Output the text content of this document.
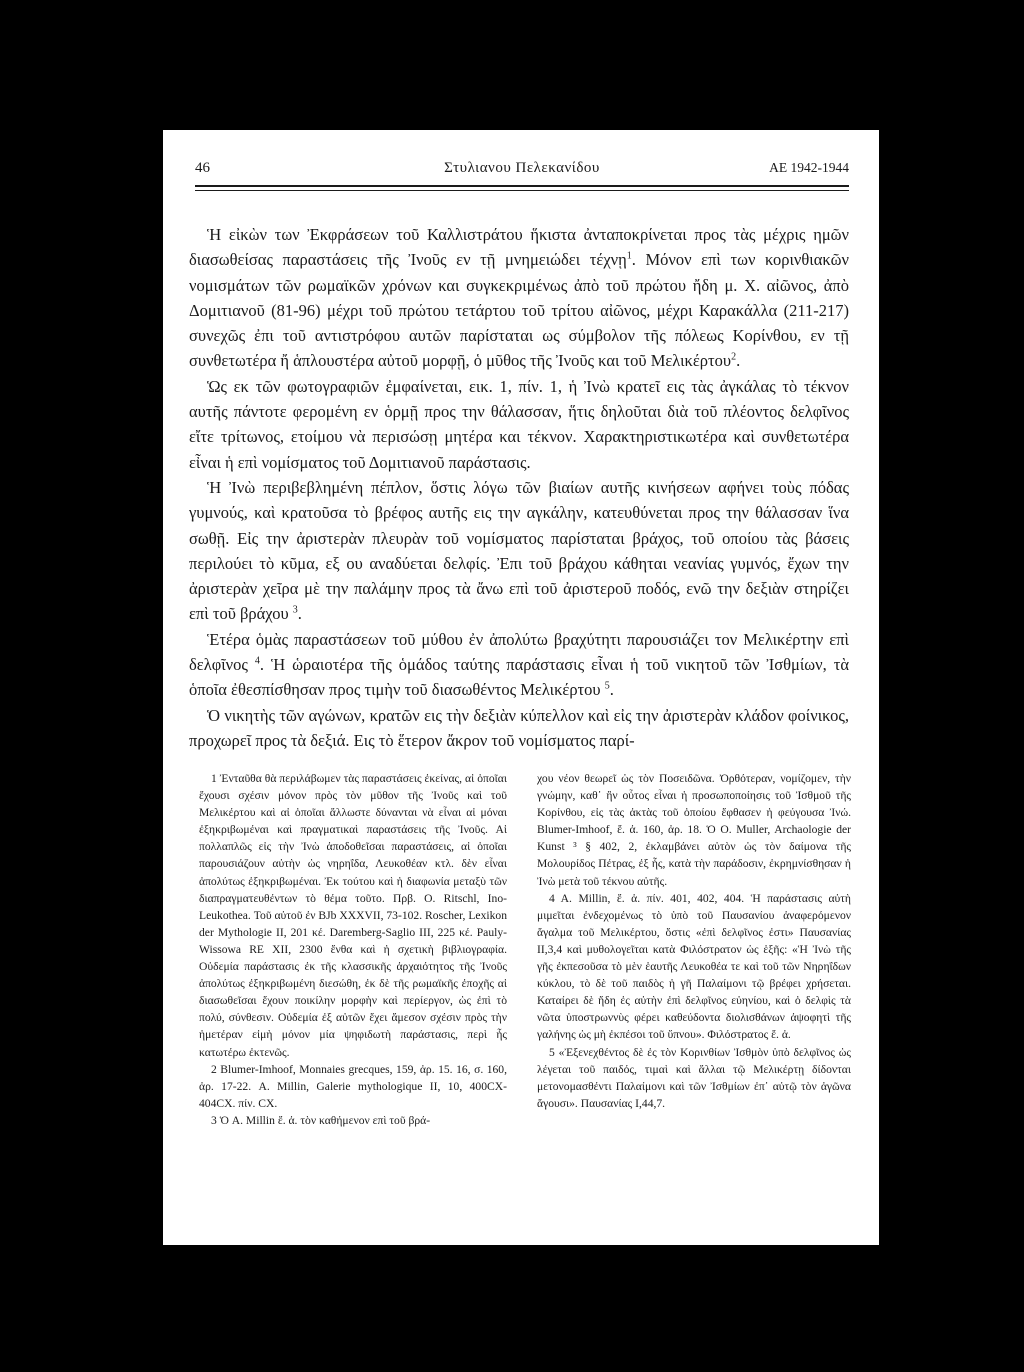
46	Στυλιανου Πελεκανίδου	ΑΕ 1942-1944

Ἡ εἰκὼν των Ἐκφράσεων τοῦ Καλλιστράτου ἥκιστα ἀνταποκρίνεται προς τὰς μέχρις ημῶν διασωθείσας παραστάσεις τῆς Ἰνοῦς εν τῇ μνημειώδει τέχνῃ$^1$. Μόνον επὶ των κορινθιακῶν νομισμάτων τῶν ρωμαϊκῶν χρόνων και συγκεκριμένως ἀπὸ τοῦ πρώτου ἤδη μ. Χ. αἰῶνος, ἀπὸ Δομιτιανοῦ (81-96) μέχρι τοῦ πρώτου τετάρτου τοῦ τρίτου αἰῶνος, μέχρι Καρακάλλα (211-217) συνεχῶς ἐπι τοῦ αντιστρόφου αυτῶν παρίσταται ως σύμβολον τῆς πόλεως Κορίνθου, εν τῇ συνθετωτέρα ἤ ἁπλουστέρα αὐτοῦ μορφῇ, ὁ μῦθος τῆς Ἰνοῦς και τοῦ Μελικέρτου$^2$.

Ὡς εκ τῶν φωτογραφιῶν ἐμφαίνεται, εικ. 1, πίν. 1, ἡ Ἰνὼ κρατεῖ εις τὰς ἀγκάλας τὸ τέκνον αυτῆς πάντοτε φερομένη εν ὁρμῇ προς την θάλασσαν, ἥτις δηλοῦται διὰ τοῦ πλέοντος δελφῖνος εἴτε τρίτωνος, ετοίμου νὰ περισώσῃ μητέρα και τέκνον. Χαρακτηριστικωτέρα καὶ συνθετωτέρα εἶναι ἡ επὶ νομίσματος τοῦ Δομιτιανοῦ παράστασις.

Ἡ Ἰνὼ περιβεβλημένη πέπλον, ὅστις λόγω τῶν βιαίων αυτῆς κινήσεων αφήνει τοὺς πόδας γυμνούς, καὶ κρατοῦσα τὸ βρέφος αυτῆς εις την αγκάλην, κατευθύνεται προς την θάλασσαν ἵνα σωθῇ. Εἰς την ἀριστερὰν πλευρὰν τοῦ νομίσματος παρίσταται βράχος, τοῦ οποίου τὰς βάσεις περιλούει τὸ κῦμα, εξ ου αναδύεται δελφίς. Ἐπι τοῦ βράχου κάθηται νεανίας γυμνός, ἔχων την ἀριστερὰν χεῖρα μὲ την παλάμην προς τὰ ἄνω επὶ τοῦ ἀριστεροῦ ποδός, ενῶ την δεξιὰν στηρίζει επὶ τοῦ βράχου $^3$.

Ἑτέρα ὁμὰς παραστάσεων τοῦ μύθου ἐν ἀπολύτω βραχύτητι παρουσιάζει τον Μελικέρτην επὶ δελφῖνος $^4$. Ἡ ὡραιοτέρα τῆς ὁμάδος ταύτης παράστασις εἶναι ἡ τοῦ νικητοῦ τῶν Ἰσθμίων, τὰ ὁποῖα ἐθεσπίσθησαν προς τιμὴν τοῦ διασωθέντος Μελικέρτου $^5$.

Ὁ νικητὴς τῶν αγώνων, κρατῶν εις τὴν δεξιὰν κύπελλον καὶ εἰς την ἀριστερὰν κλάδον φοίνικος, προχωρεῖ προς τὰ δεξιά. Εις τὸ ἕτερον ἄκρον τοῦ νομίσματος παρί-

1 Ἐνταῦθα θὰ περιλάβωμεν τὰς παραστάσεις ἐκείνας, αἱ ὁποῖαι ἔχουσι σχέσιν μόνον πρὸς τὸν μῦθον τῆς Ἰνοῦς καὶ τοῦ Μελικέρτου καὶ αἱ ὁποῖαι ἄλλωστε δύνανται νὰ εἶναι αἱ μόναι ἐξηκριβωμέναι καὶ πραγματικαὶ παραστάσεις τῆς Ἰνοῦς. Αἱ πολλαπλῶς εἰς τὴν Ἰνὼ ἀποδοθεῖσαι παραστάσεις, αἱ ὁποῖαι παρουσιάζουν αὐτὴν ὡς νηρηΐδα, Λευκοθέαν κτλ. δὲν εἶναι ἀπολύτως ἐξηκριβωμέναι. Ἐκ τούτου καὶ ἡ διαφωνία μεταξὺ τῶν διαπραγματευθέντων τὸ θέμα τοῦτο. Πρβ. Ο. Ritschl, Ino-Leukothea. Τοῦ αὐτοῦ ἐν BJb XXXVII, 73-102. Roscher, Lexikon der Mythologie II, 201 κέ. Daremberg-Saglio III, 225 κέ. Pauly-Wissowa RE XII, 2300 ἔνθα καὶ ἡ σχετικὴ βιβλιογραφία. Οὐδεμία παράστασις ἐκ τῆς κλασσικῆς ἀρχαιότητος τῆς Ἰνοῦς ἀπολύτως ἐξηκριβωμένη διεσώθη, ἐκ δὲ τῆς ρωμαϊκῆς ἐποχῆς αἱ διασωθεῖσαι ἔχουν ποικίλην μορφὴν καὶ περίεργον, ὡς ἐπὶ τὸ πολύ, σύνθεσιν. Οὐδεμία ἐξ αὐτῶν ἔχει ἄμεσον σχέσιν πρὸς τὴν ἡμετέραν εἰμὴ μόνον μία ψηφιδωτὴ παράστασις, περὶ ἧς κατωτέρω ἐκτενῶς.

2 Blumer-Imhoof, Monnaies grecques, 159, ἀρ. 15. 16, σ. 160, ἀρ. 17-22. A. Millin, Galerie mythologique II, 10, 400CX-404CX. πίν. CX.

3 Ὁ A. Millin ἔ. ἀ. τὸν καθήμενον επὶ τοῦ βρά-

χου νέον θεωρεῖ ὡς τὸν Ποσειδῶνα. Ὀρθότεραν, νομίζομεν, τὴν γνώμην, καθ᾽ ἣν οὗτος εἶναι ἡ προσωποποίησις τοῦ Ἰσθμοῦ τῆς Κορίνθου, εἰς τὰς ἀκτὰς τοῦ ὁποίου ἔφθασεν ἡ φεύγουσα Ἰνώ. Blumer-Imhoof, ἔ. ἀ. 160, ἀρ. 18. Ὁ O. Muller, Archaologie der Kunst ³ § 402, 2, ἐκλαμβάνει αὐτὸν ὡς τὸν δαίμονα τῆς Μολουρίδος Πέτρας, ἐξ ἧς, κατὰ τὴν παράδοσιν, ἐκρημνίσθησαν ἡ Ἰνὼ μετὰ τοῦ τέκνου αὐτῆς.

4 A. Millin, ἔ. ἀ. πίν. 401, 402, 404. Ἡ παράστασις αὐτὴ μιμεῖται ἐνδεχομένως τὸ ὑπὸ τοῦ Παυσανίου ἀναφερόμενον ἄγαλμα τοῦ Μελικέρτου, ὅστις «ἐπὶ δελφῖνος ἐστι» Παυσανίας II,3,4 καὶ μυθολογεῖται κατὰ Φιλόστρατον ὡς ἑξῆς: «Ἡ Ἰνὼ τῆς γῆς ἐκπεσοῦσα τὸ μὲν ἑαυτῆς Λευκοθέα τε καὶ τοῦ τῶν Νηρηΐδων κύκλου, τὸ δὲ τοῦ παιδὸς ἡ γῆ Παλαίμονι τῷ βρέφει χρήσεται. Καταίρει δὲ ἤδη ἐς αὐτὴν ἐπὶ δελφῖνος εὐηνίου, καὶ ὁ δελφὶς τὰ νῶτα ὑποστρωννὺς φέρει καθεύδοντα διολισθάνων ἀψοφητὶ τῆς γαλήνης ὡς μὴ ἐκπέσοι τοῦ ὕπνου». Φιλόστρατος ἔ. ἀ.

5 «Ἐξενεχθέντος δὲ ἐς τὸν Κορινθίων Ἰσθμὸν ὑπὸ δελφῖνος ὡς λέγεται τοῦ παιδός, τιμαὶ καὶ ἄλλαι τῷ Μελικέρτῃ δίδονται μετονομασθέντι Παλαίμονι καὶ τῶν Ἰσθμίων ἐπ᾽ αὐτῷ τὸν ἀγῶνα ἄγουσι». Παυσανίας I,44,7.
